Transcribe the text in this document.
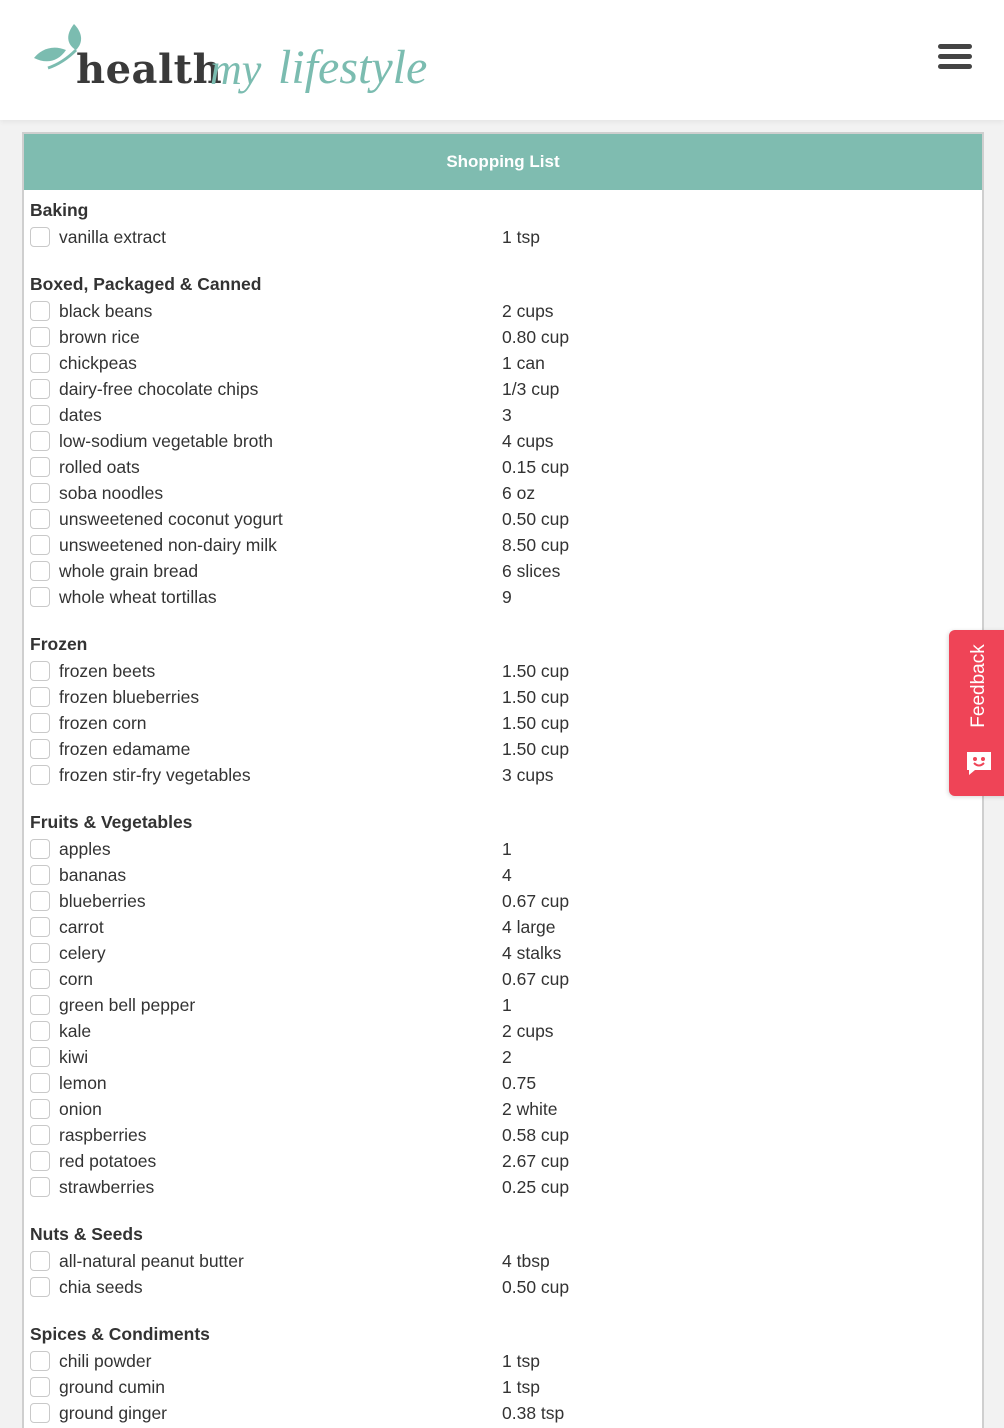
health
my lifestyle
Shopping List
Baking
vanilla extract	1 tsp
Boxed, Packaged & Canned
black beans	2 cups
brown rice	0.80 cup
chickpeas	1 can
dairy-free chocolate chips	1/3 cup
dates	3
low-sodium vegetable broth	4 cups
rolled oats	0.15 cup
soba noodles	6 oz
unsweetened coconut yogurt	0.50 cup
unsweetened non-dairy milk	8.50 cup
whole grain bread	6 slices
whole wheat tortillas	9
Frozen
frozen beets	1.50 cup
frozen blueberries	1.50 cup
frozen corn	1.50 cup
frozen edamame	1.50 cup
frozen stir-fry vegetables	3 cups
Fruits & Vegetables
apples	1
bananas	4
blueberries	0.67 cup
carrot	4 large
celery	4 stalks
corn	0.67 cup
green bell pepper	1
kale	2 cups
kiwi	2
lemon	0.75
onion	2 white
raspberries	0.58 cup
red potatoes	2.67 cup
strawberries	0.25 cup
Nuts & Seeds
all-natural peanut butter	4 tbsp
chia seeds	0.50 cup
Spices & Condiments
chili powder	1 tsp
ground cumin	1 tsp
ground ginger	0.38 tsp
Feedback
